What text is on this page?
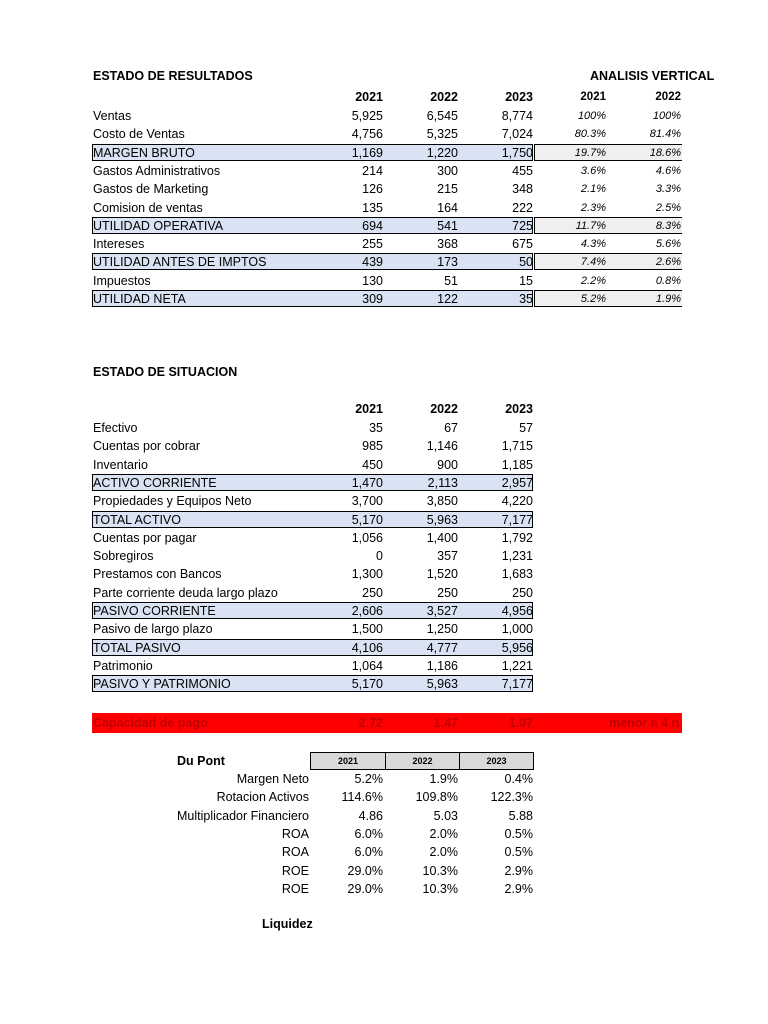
ESTADO DE RESULTADOS	ANALISIS VERTICAL
2021	2022	2023	2021	2022
Ventas	5,925	6,545	8,774	100%	100%
Costo de Ventas	4,756	5,325	7,024	80.3%	81.4%
MARGEN BRUTO	1,169	1,220	1,750	19.7%	18.6%
Gastos Administrativos	214	300	455	3.6%	4.6%
Gastos de Marketing	126	215	348	2.1%	3.3%
Comision de ventas	135	164	222	2.3%	2.5%
UTILIDAD OPERATIVA	694	541	725	11.7%	8.3%
Intereses	255	368	675	4.3%	5.6%
UTILIDAD ANTES DE IMPTOS	439	173	50	7.4%	2.6%
Impuestos	130	51	15	2.2%	0.8%
UTILIDAD NETA	309	122	35	5.2%	1.9%
ESTADO DE SITUACION
2021	2022	2023
Efectivo	35	67	57
Cuentas por cobrar	985	1,146	1,715
Inventario	450	900	1,185
ACTIVO CORRIENTE	1,470	2,113	2,957
Propiedades y Equipos Neto	3,700	3,850	4,220
TOTAL ACTIVO	5,170	5,963	7,177
Cuentas por pagar	1,056	1,400	1,792
Sobregiros	0	357	1,231
Prestamos con Bancos	1,300	1,520	1,683
Parte corriente deuda largo plazo	250	250	250
PASIVO CORRIENTE	2,606	3,527	4,956
Pasivo de largo plazo	1,500	1,250	1,000
TOTAL PASIVO	4,106	4,777	5,956
Patrimonio	1,064	1,186	1,221
PASIVO Y PATRIMONIO	5,170	5,963	7,177
Capacidad de pago	2.72	1.47	1.07	menor a 4 n
Du Pont	2021	2022	2023
Margen Neto	5.2%	1.9%	0.4%
Rotacion Activos	114.6%	109.8%	122.3%
Multiplicador Financiero	4.86	5.03	5.88
ROA	6.0%	2.0%	0.5%
ROA	6.0%	2.0%	0.5%
ROE	29.0%	10.3%	2.9%
ROE	29.0%	10.3%	2.9%
Liquidez
